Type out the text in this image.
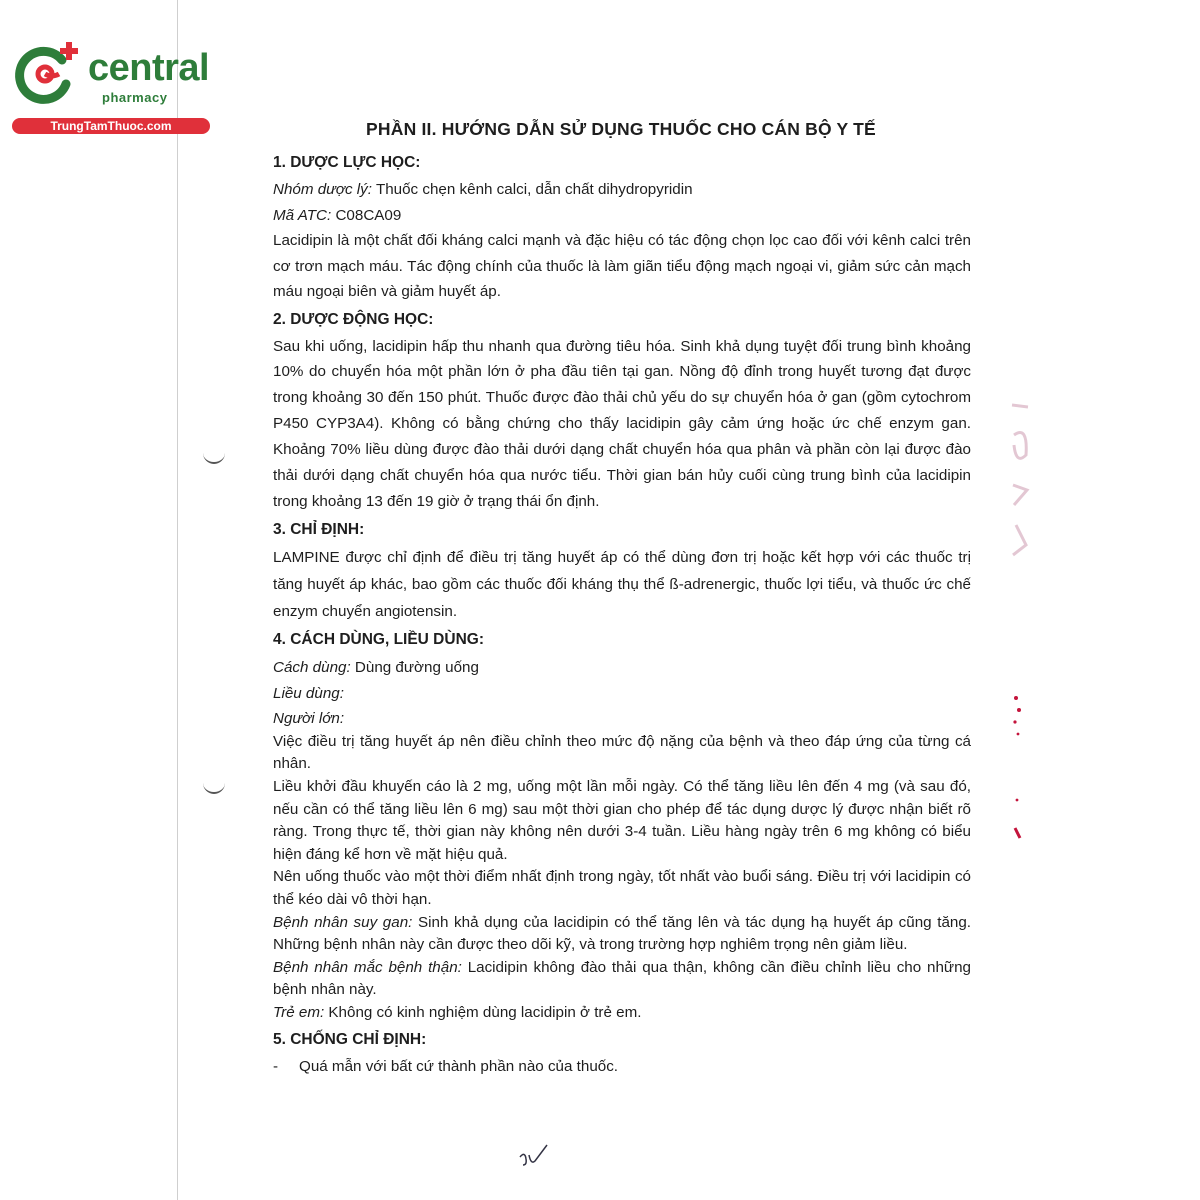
central
pharmacy
TrungTamThuoc.com	PHẦN II. HƯỚNG DẪN SỬ DỤNG THUỐC CHO CÁN BỘ Y TẾ
1. DƯỢC LỰC HỌC:

Nhóm dược lý: Thuốc chẹn kênh calci, dẫn chất dihydropyridin

Mã ATC: C08CA09

Lacidipin là một chất đối kháng calci mạnh và đặc hiệu có tác động chọn lọc cao đối với kênh calci trên cơ trơn mạch máu. Tác động chính của thuốc là làm giãn tiểu động mạch ngoại vi, giảm sức cản mạch máu ngoại biên và giảm huyết áp.

2. DƯỢC ĐỘNG HỌC:

Sau khi uống, lacidipin hấp thu nhanh qua đường tiêu hóa. Sinh khả dụng tuyệt đối trung bình khoảng 10% do chuyển hóa một phần lớn ở pha đầu tiên tại gan. Nồng độ đỉnh trong huyết tương đạt được trong khoảng 30 đến 150 phút. Thuốc được đào thải chủ yếu do sự chuyển hóa ở gan (gồm cytochrom P450 CYP3A4). Không có bằng chứng cho thấy lacidipin gây cảm ứng hoặc ức chế enzym gan. Khoảng 70% liều dùng được đào thải dưới dạng chất chuyển hóa qua phân và phần còn lại được đào thải dưới dạng chất chuyển hóa qua nước tiểu. Thời gian bán hủy cuối cùng trung bình của lacidipin trong khoảng 13 đến 19 giờ ở trạng thái ổn định.

3. CHỈ ĐỊNH:

LAMPINE được chỉ định để điều trị tăng huyết áp có thể dùng đơn trị hoặc kết hợp với các thuốc trị tăng huyết áp khác, bao gồm các thuốc đối kháng thụ thể ß-adrenergic, thuốc lợi tiểu, và thuốc ức chế enzym chuyển angiotensin.

4. CÁCH DÙNG, LIỀU DÙNG:

Cách dùng: Dùng đường uống

Liều dùng:

Người lớn:

Việc điều trị tăng huyết áp nên điều chỉnh theo mức độ nặng của bệnh và theo đáp ứng của từng cá nhân.

Liều khởi đầu khuyến cáo là 2 mg, uống một lần mỗi ngày. Có thể tăng liều lên đến 4 mg (và sau đó, nếu cần có thể tăng liều lên 6 mg) sau một thời gian cho phép để tác dụng dược lý được nhận biết rõ ràng. Trong thực tế, thời gian này không nên dưới 3-4 tuần. Liều hàng ngày trên 6 mg không có biểu hiện đáng kể hơn về mặt hiệu quả.

Nên uống thuốc vào một thời điểm nhất định trong ngày, tốt nhất vào buổi sáng. Điều trị với lacidipin có thể kéo dài vô thời hạn.

Bệnh nhân suy gan: Sinh khả dụng của lacidipin có thể tăng lên và tác dụng hạ huyết áp cũng tăng. Những bệnh nhân này cần được theo dõi kỹ, và trong trường hợp nghiêm trọng nên giảm liều.

Bệnh nhân mắc bệnh thận: Lacidipin không đào thải qua thận, không cần điều chỉnh liều cho những bệnh nhân này.

Trẻ em: Không có kinh nghiệm dùng lacidipin ở trẻ em.

5. CHỐNG CHỈ ĐỊNH:
-	Quá mẫn với bất cứ thành phần nào của thuốc.
